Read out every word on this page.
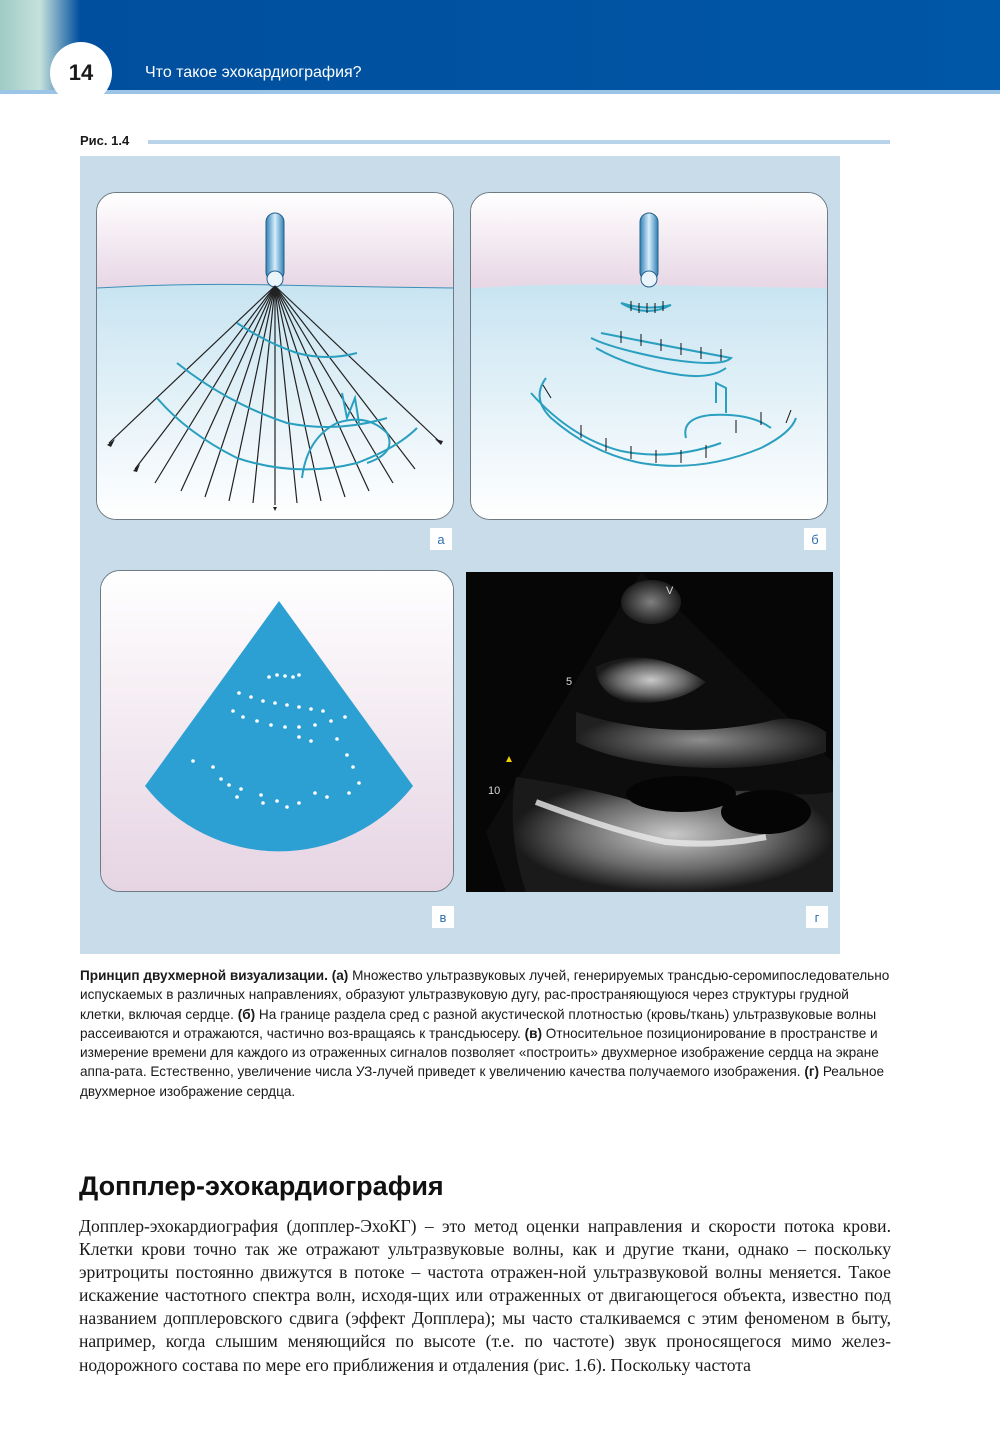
14	Что такое эхокардиография?
Рис. 1.4
а	б
в
V
5
10
г
Принцип двухмерной визуализации. (а) Множество ультразвуковых лучей, генерируемых трансдью-серомипоследовательно испускаемых в различных направлениях, образуют ультразвуковую дугу, рас-пространяющуюся через структуры грудной клетки, включая сердце. (б) На границе раздела сред с разной акустической плотностью (кровь/ткань) ультразвуковые волны рассеиваются и отражаются, частично воз-вращаясь к трансдьюсеру. (в) Относительное позиционирование в пространстве и измерение времени для каждого из отраженных сигналов позволяет «построить» двухмерное изображение сердца на экране аппа-рата. Естественно, увеличение числа УЗ-лучей приведет к увеличению качества получаемого изображения. (г) Реальное двухмерное изображение сердца.
Допплер-эхокардиография
Допплер-эхокардиография (допплер-ЭхоКГ) – это метод оценки направления и скорости потока крови. Клетки крови точно так же отражают ультразвуковые волны, как и другие ткани, однако – поскольку эритроциты постоянно движутся в потоке – частота отражен-ной ультразвуковой волны меняется. Такое искажение частотного спектра волн, исходя-щих или отраженных от двигающегося объекта, известно под названием допплеровского сдвига (эффект Допплера); мы часто сталкиваемся с этим феноменом в быту, например, когда слышим меняющийся по высоте (т.е. по частоте) звук проносящегося мимо желез-нодорожного состава по мере его приближения и отдаления (рис. 1.6). Поскольку частота
